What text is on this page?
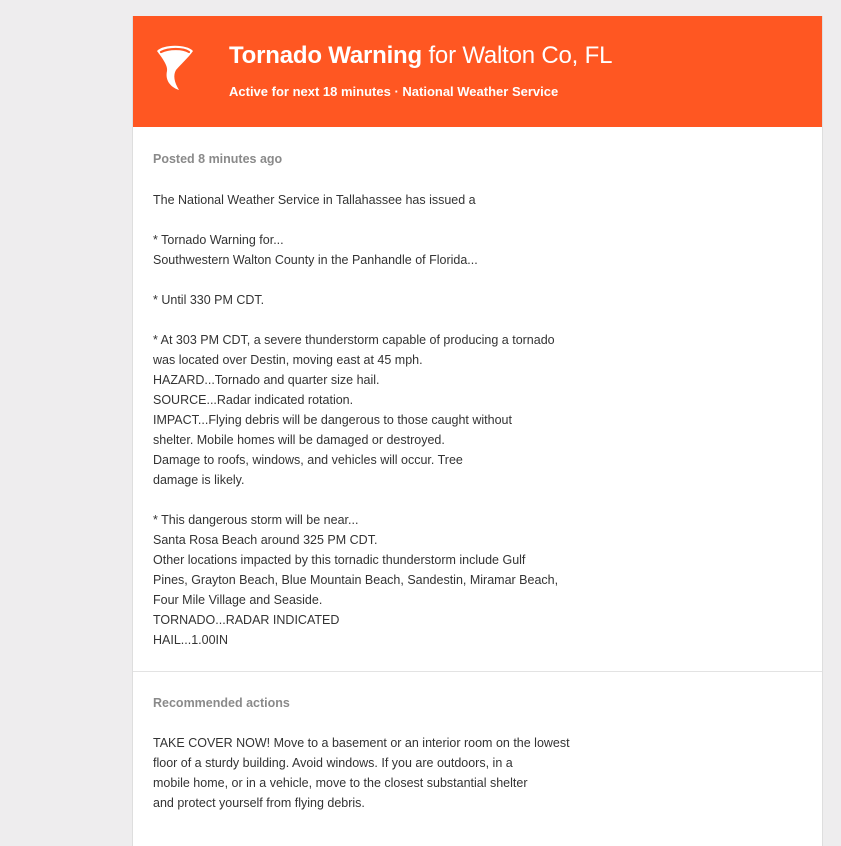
Tornado Warning for Walton Co, FL
Active for next 18 minutes · National Weather Service
Posted 8 minutes ago
The National Weather Service in Tallahassee has issued a

* Tornado Warning for...
Southwestern Walton County in the Panhandle of Florida...

* Until 330 PM CDT.

* At 303 PM CDT, a severe thunderstorm capable of producing a tornado
was located over Destin, moving east at 45 mph.
HAZARD...Tornado and quarter size hail.
SOURCE...Radar indicated rotation.
IMPACT...Flying debris will be dangerous to those caught without
shelter. Mobile homes will be damaged or destroyed.
Damage to roofs, windows, and vehicles will occur. Tree
damage is likely.

* This dangerous storm will be near...
Santa Rosa Beach around 325 PM CDT.
Other locations impacted by this tornadic thunderstorm include Gulf
Pines, Grayton Beach, Blue Mountain Beach, Sandestin, Miramar Beach,
Four Mile Village and Seaside.
TORNADO...RADAR INDICATED
HAIL...1.00IN
Recommended actions
TAKE COVER NOW! Move to a basement or an interior room on the lowest
floor of a sturdy building. Avoid windows. If you are outdoors, in a
mobile home, or in a vehicle, move to the closest substantial shelter
and protect yourself from flying debris.
